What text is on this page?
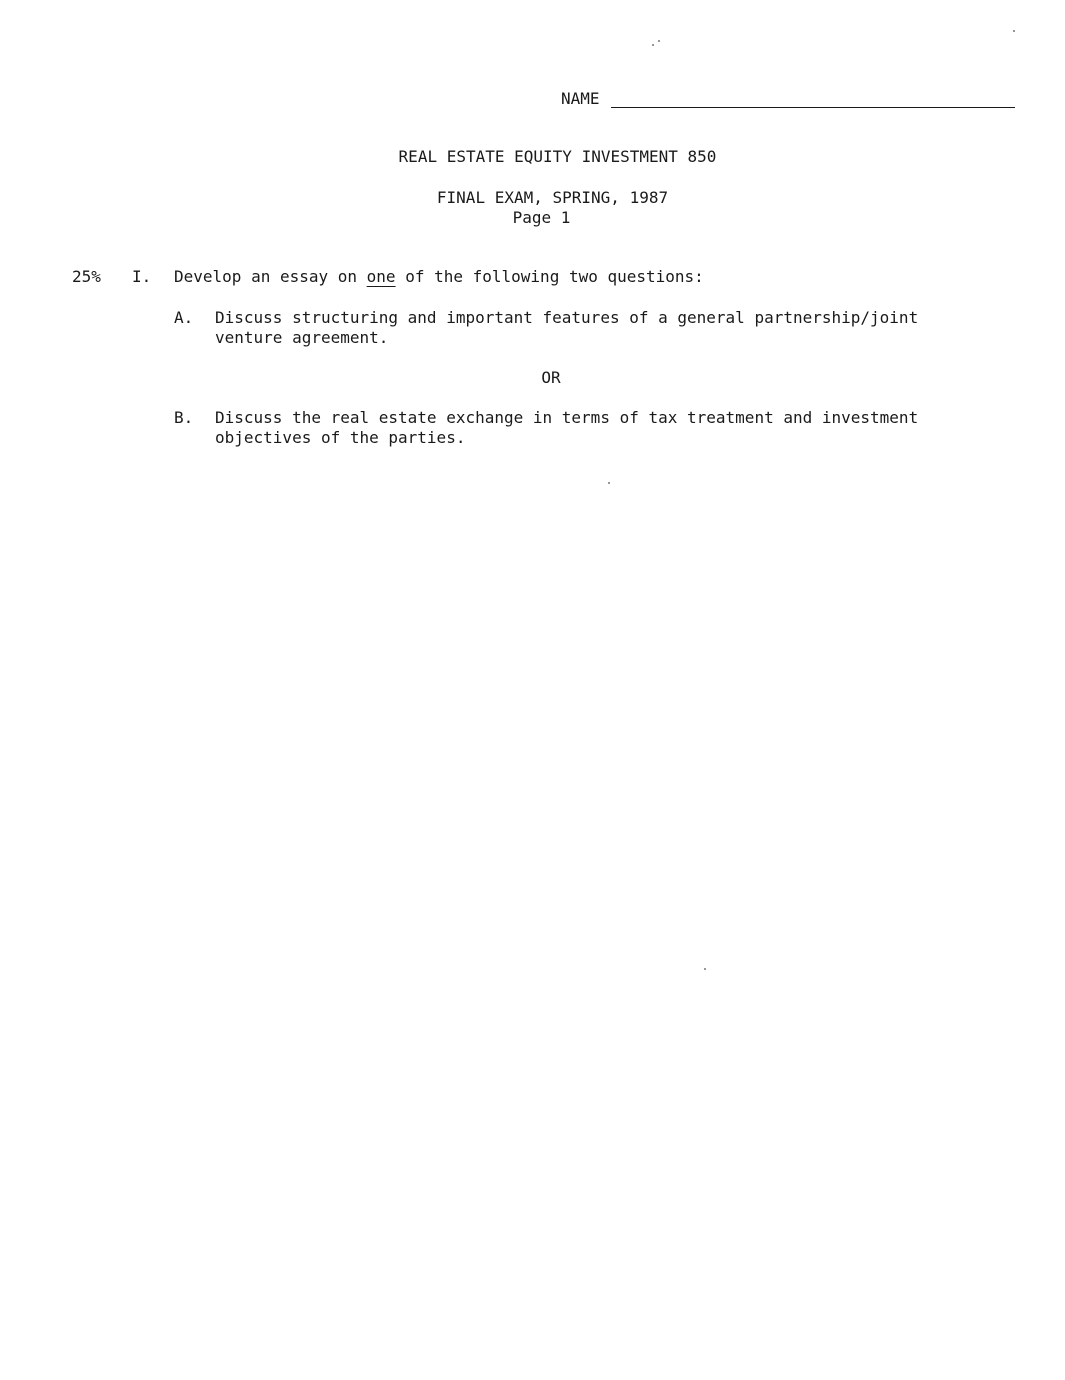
NAME
REAL ESTATE EQUITY INVESTMENT 850
FINAL EXAM, SPRING, 1987
Page 1
25% I. Develop an essay on one of the following two questions:
A. Discuss structuring and important features of a general partnership/joint venture agreement.
OR
B. Discuss the real estate exchange in terms of tax treatment and investment objectives of the parties.
